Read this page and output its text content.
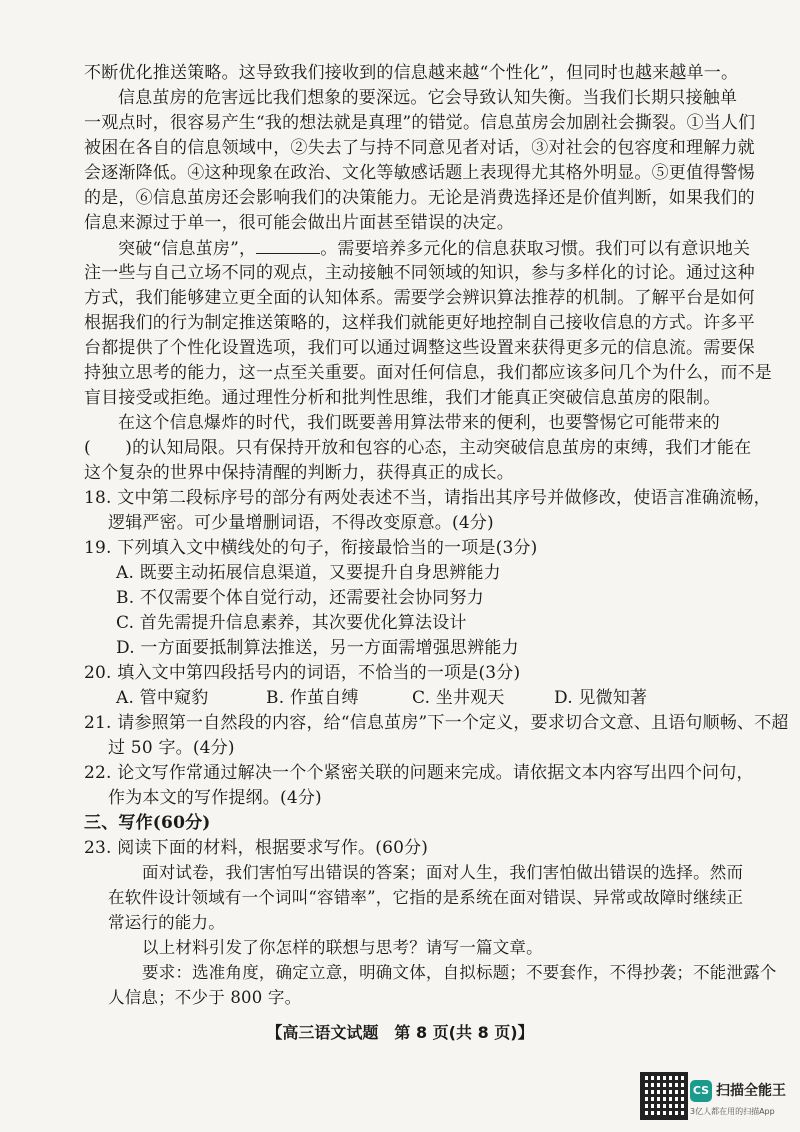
不断优化推送策略。这导致我们接收到的信息越来越“个性化”，但同时也越来越单一。
信息茧房的危害远比我们想象的要深远。它会导致认知失衡。当我们长期只接触单
一观点时，很容易产生“我的想法就是真理”的错觉。信息茧房会加剧社会撕裂。①当人们
被困在各自的信息领域中，②失去了与持不同意见者对话，③对社会的包容度和理解力就
会逐渐降低。④这种现象在政治、文化等敏感话题上表现得尤其格外明显。⑤更值得警惕
的是，⑥信息茧房还会影响我们的决策能力。无论是消费选择还是价值判断，如果我们的
信息来源过于单一，很可能会做出片面甚至错误的决定。
突破“信息茧房”，	。需要培养多元化的信息获取习惯。我们可以有意识地关
注一些与自己立场不同的观点，主动接触不同领域的知识，参与多样化的讨论。通过这种
方式，我们能够建立更全面的认知体系。需要学会辨识算法推荐的机制。了解平台是如何
根据我们的行为制定推送策略的，这样我们就能更好地控制自己接收信息的方式。许多平
台都提供了个性化设置选项，我们可以通过调整这些设置来获得更多元的信息流。需要保
持独立思考的能力，这一点至关重要。面对任何信息，我们都应该多问几个为什么，而不是
盲目接受或拒绝。通过理性分析和批判性思维，我们才能真正突破信息茧房的限制。
在这个信息爆炸的时代，我们既要善用算法带来的便利，也要警惕它可能带来的
(　　)的认知局限。只有保持开放和包容的心态，主动突破信息茧房的束缚，我们才能在
这个复杂的世界中保持清醒的判断力，获得真正的成长。
18. 文中第二段标序号的部分有两处表述不当，请指出其序号并做修改，使语言准确流畅，
逻辑严密。可少量增删词语，不得改变原意。(4分)
19. 下列填入文中横线处的句子，衔接最恰当的一项是(3分)
A. 既要主动拓展信息渠道，又要提升自身思辨能力
B. 不仅需要个体自觉行动，还需要社会协同努力
C. 首先需提升信息素养，其次要优化算法设计
D. 一方面要抵制算法推送，另一方面需增强思辨能力
20. 填入文中第四段括号内的词语，不恰当的一项是(3分)
A. 管中窥豹	B. 作茧自缚	C. 坐井观天	D. 见微知著
21. 请参照第一自然段的内容，给“信息茧房”下一个定义，要求切合文意、且语句顺畅、不超
过 50 字。(4分)
22. 论文写作常通过解决一个个紧密关联的问题来完成。请依据文本内容写出四个问句，
作为本文的写作提纲。(4分)
三、写作(60分)
23. 阅读下面的材料，根据要求写作。(60分)
面对试卷，我们害怕写出错误的答案；面对人生，我们害怕做出错误的选择。然而
在软件设计领域有一个词叫“容错率”，它指的是系统在面对错误、异常或故障时继续正
常运行的能力。
以上材料引发了你怎样的联想与思考？请写一篇文章。
要求：选准角度，确定立意，明确文体，自拟标题；不要套作，不得抄袭；不能泄露个
人信息；不少于 800 字。
【高三语文试题　第 8 页(共 8 页)】
CS 扫描全能王
3亿人都在用的扫描App
